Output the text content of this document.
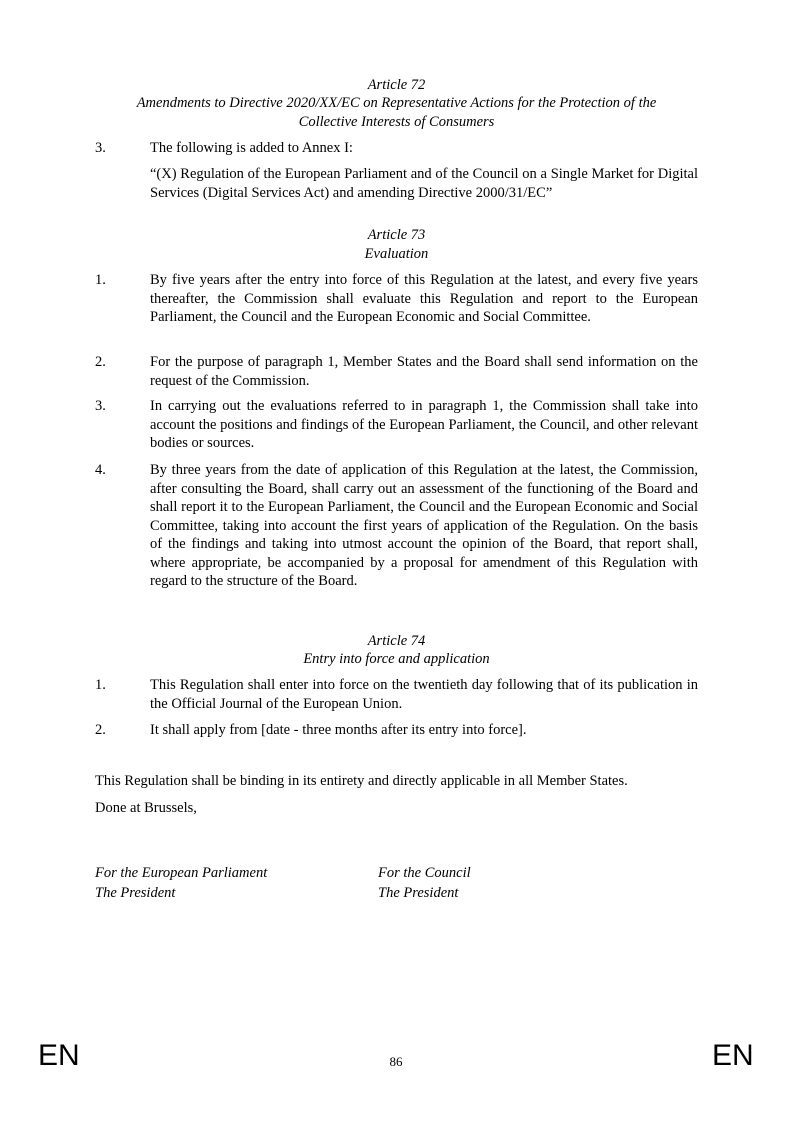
Article 72
Amendments to Directive 2020/XX/EC on Representative Actions for the Protection of the
Collective Interests of Consumers
3.	The following is added to Annex I:
“(X) Regulation of the European Parliament and of the Council on a Single Market for Digital Services (Digital Services Act) and amending Directive 2000/31/EC”
Article 73
Evaluation
1.	By five years after the entry into force of this Regulation at the latest, and every five years thereafter, the Commission shall evaluate this Regulation and report to the European Parliament, the Council and the European Economic and Social Committee.
2.	For the purpose of paragraph 1, Member States and the Board shall send information on the request of the Commission.
3.	In carrying out the evaluations referred to in paragraph 1, the Commission shall take into account the positions and findings of the European Parliament, the Council, and other relevant bodies or sources.
4.	By three years from the date of application of this Regulation at the latest, the Commission, after consulting the Board, shall carry out an assessment of the functioning of the Board and shall report it to the European Parliament, the Council and the European Economic and Social Committee, taking into account the first years of application of the Regulation. On the basis of the findings and taking into utmost account the opinion of the Board, that report shall, where appropriate, be accompanied by a proposal for amendment of this Regulation with regard to the structure of the Board.
Article 74
Entry into force and application
1.	This Regulation shall enter into force on the twentieth day following that of its publication in the Official Journal of the European Union.
2.	It shall apply from [date - three months after its entry into force].
This Regulation shall be binding in its entirety and directly applicable in all Member States.
Done at Brussels,
For the European Parliament
The President
For the Council
The President
EN	86	EN
